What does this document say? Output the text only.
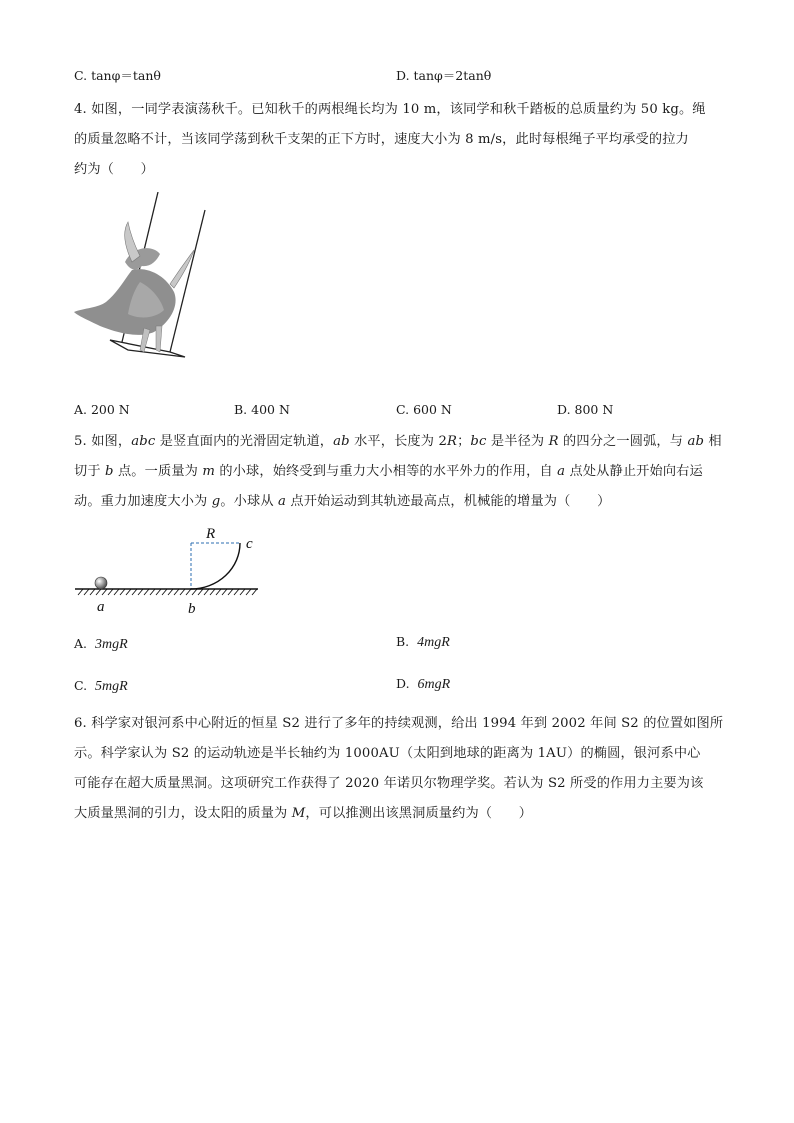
C. tanφ＝tanθ	D. tanφ＝2tanθ
4. 如图，一同学表演荡秋千。已知秋千的两根绳长均为 10 m，该同学和秋千踏板的总质量约为 50 kg。绳
的质量忽略不计，当该同学荡到秋千支架的正下方时，速度大小为 8 m/s，此时每根绳子平均承受的拉力
约为（　　）
A. 200 N	B. 400 N	C. 600 N	D. 800 N
5. 如图，abc 是竖直面内的光滑固定轨道，ab 水平，长度为 2R；bc 是半径为 R 的四分之一圆弧，与 ab 相
切于 b 点。一质量为 m 的小球，始终受到与重力大小相等的水平外力的作用，自 a 点处从静止开始向右运
动。重力加速度大小为 g。小球从 a 点开始运动到其轨迹最高点，机械能的增量为（　　）
R
c
a	b
A. 3mgR	B. 4mgR
C. 5mgR	D. 6mgR
6. 科学家对银河系中心附近的恒星 S2 进行了多年的持续观测，给出 1994 年到 2002 年间 S2 的位置如图所
示。科学家认为 S2 的运动轨迹是半长轴约为 1000AU（太阳到地球的距离为 1AU）的椭圆，银河系中心
可能存在超大质量黑洞。这项研究工作获得了 2020 年诺贝尔物理学奖。若认为 S2 所受的作用力主要为该
大质量黑洞的引力，设太阳的质量为 M，可以推测出该黑洞质量约为（　　）
